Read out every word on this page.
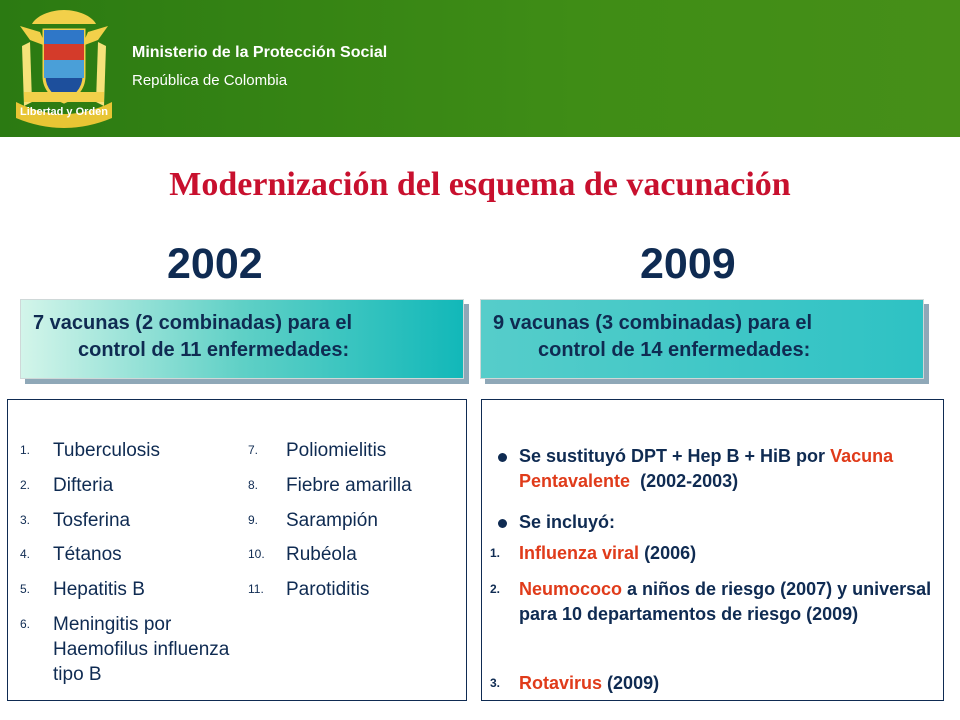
Libertad y Orden
Ministerio de la Protección Social
República de Colombia
Modernización del esquema de vacunación
2002	2009
7 vacunas (2 combinadas) para el
control de 11 enfermedades:
9 vacunas (3 combinadas) para el
control de 14 enfermedades:
1. Tuberculosis
2. Difteria
3. Tosferina
4. Tétanos
5. Hepatitis B
6. Meningitis por Haemofilus influenza tipo B
7. Poliomielitis
8. Fiebre amarilla
9. Sarampión
10. Rubéola
11. Parotiditis
Se sustituyó DPT + Hep B + HiB por Vacuna Pentavalente (2002-2003)
Se incluyó:
1. Influenza viral (2006)
2. Neumococo a niños de riesgo (2007) y universal para 10 departamentos de riesgo (2009)
3. Rotavirus (2009)
